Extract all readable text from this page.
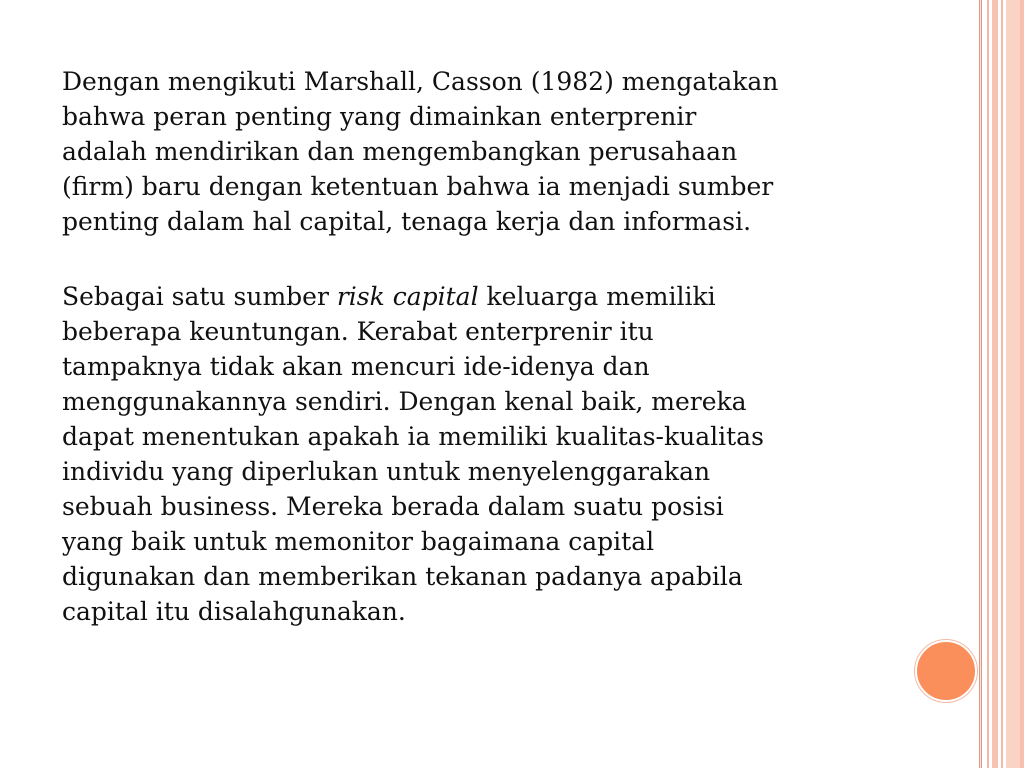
Dengan mengikuti Marshall, Casson (1982) mengatakan
bahwa peran penting yang dimainkan enterprenir
adalah mendirikan dan mengembangkan perusahaan
(firm) baru dengan ketentuan bahwa ia menjadi sumber
penting dalam hal capital, tenaga kerja dan informasi.

Sebagai satu sumber risk capital keluarga memiliki
beberapa keuntungan. Kerabat enterprenir itu
tampaknya tidak akan mencuri ide-idenya dan
menggunakannya sendiri. Dengan kenal baik, mereka
dapat menentukan apakah ia memiliki kualitas-kualitas
individu yang diperlukan untuk menyelenggarakan
sebuah business. Mereka berada dalam suatu posisi
yang baik untuk memonitor bagaimana capital
digunakan dan memberikan tekanan padanya apabila
capital itu disalahgunakan.
